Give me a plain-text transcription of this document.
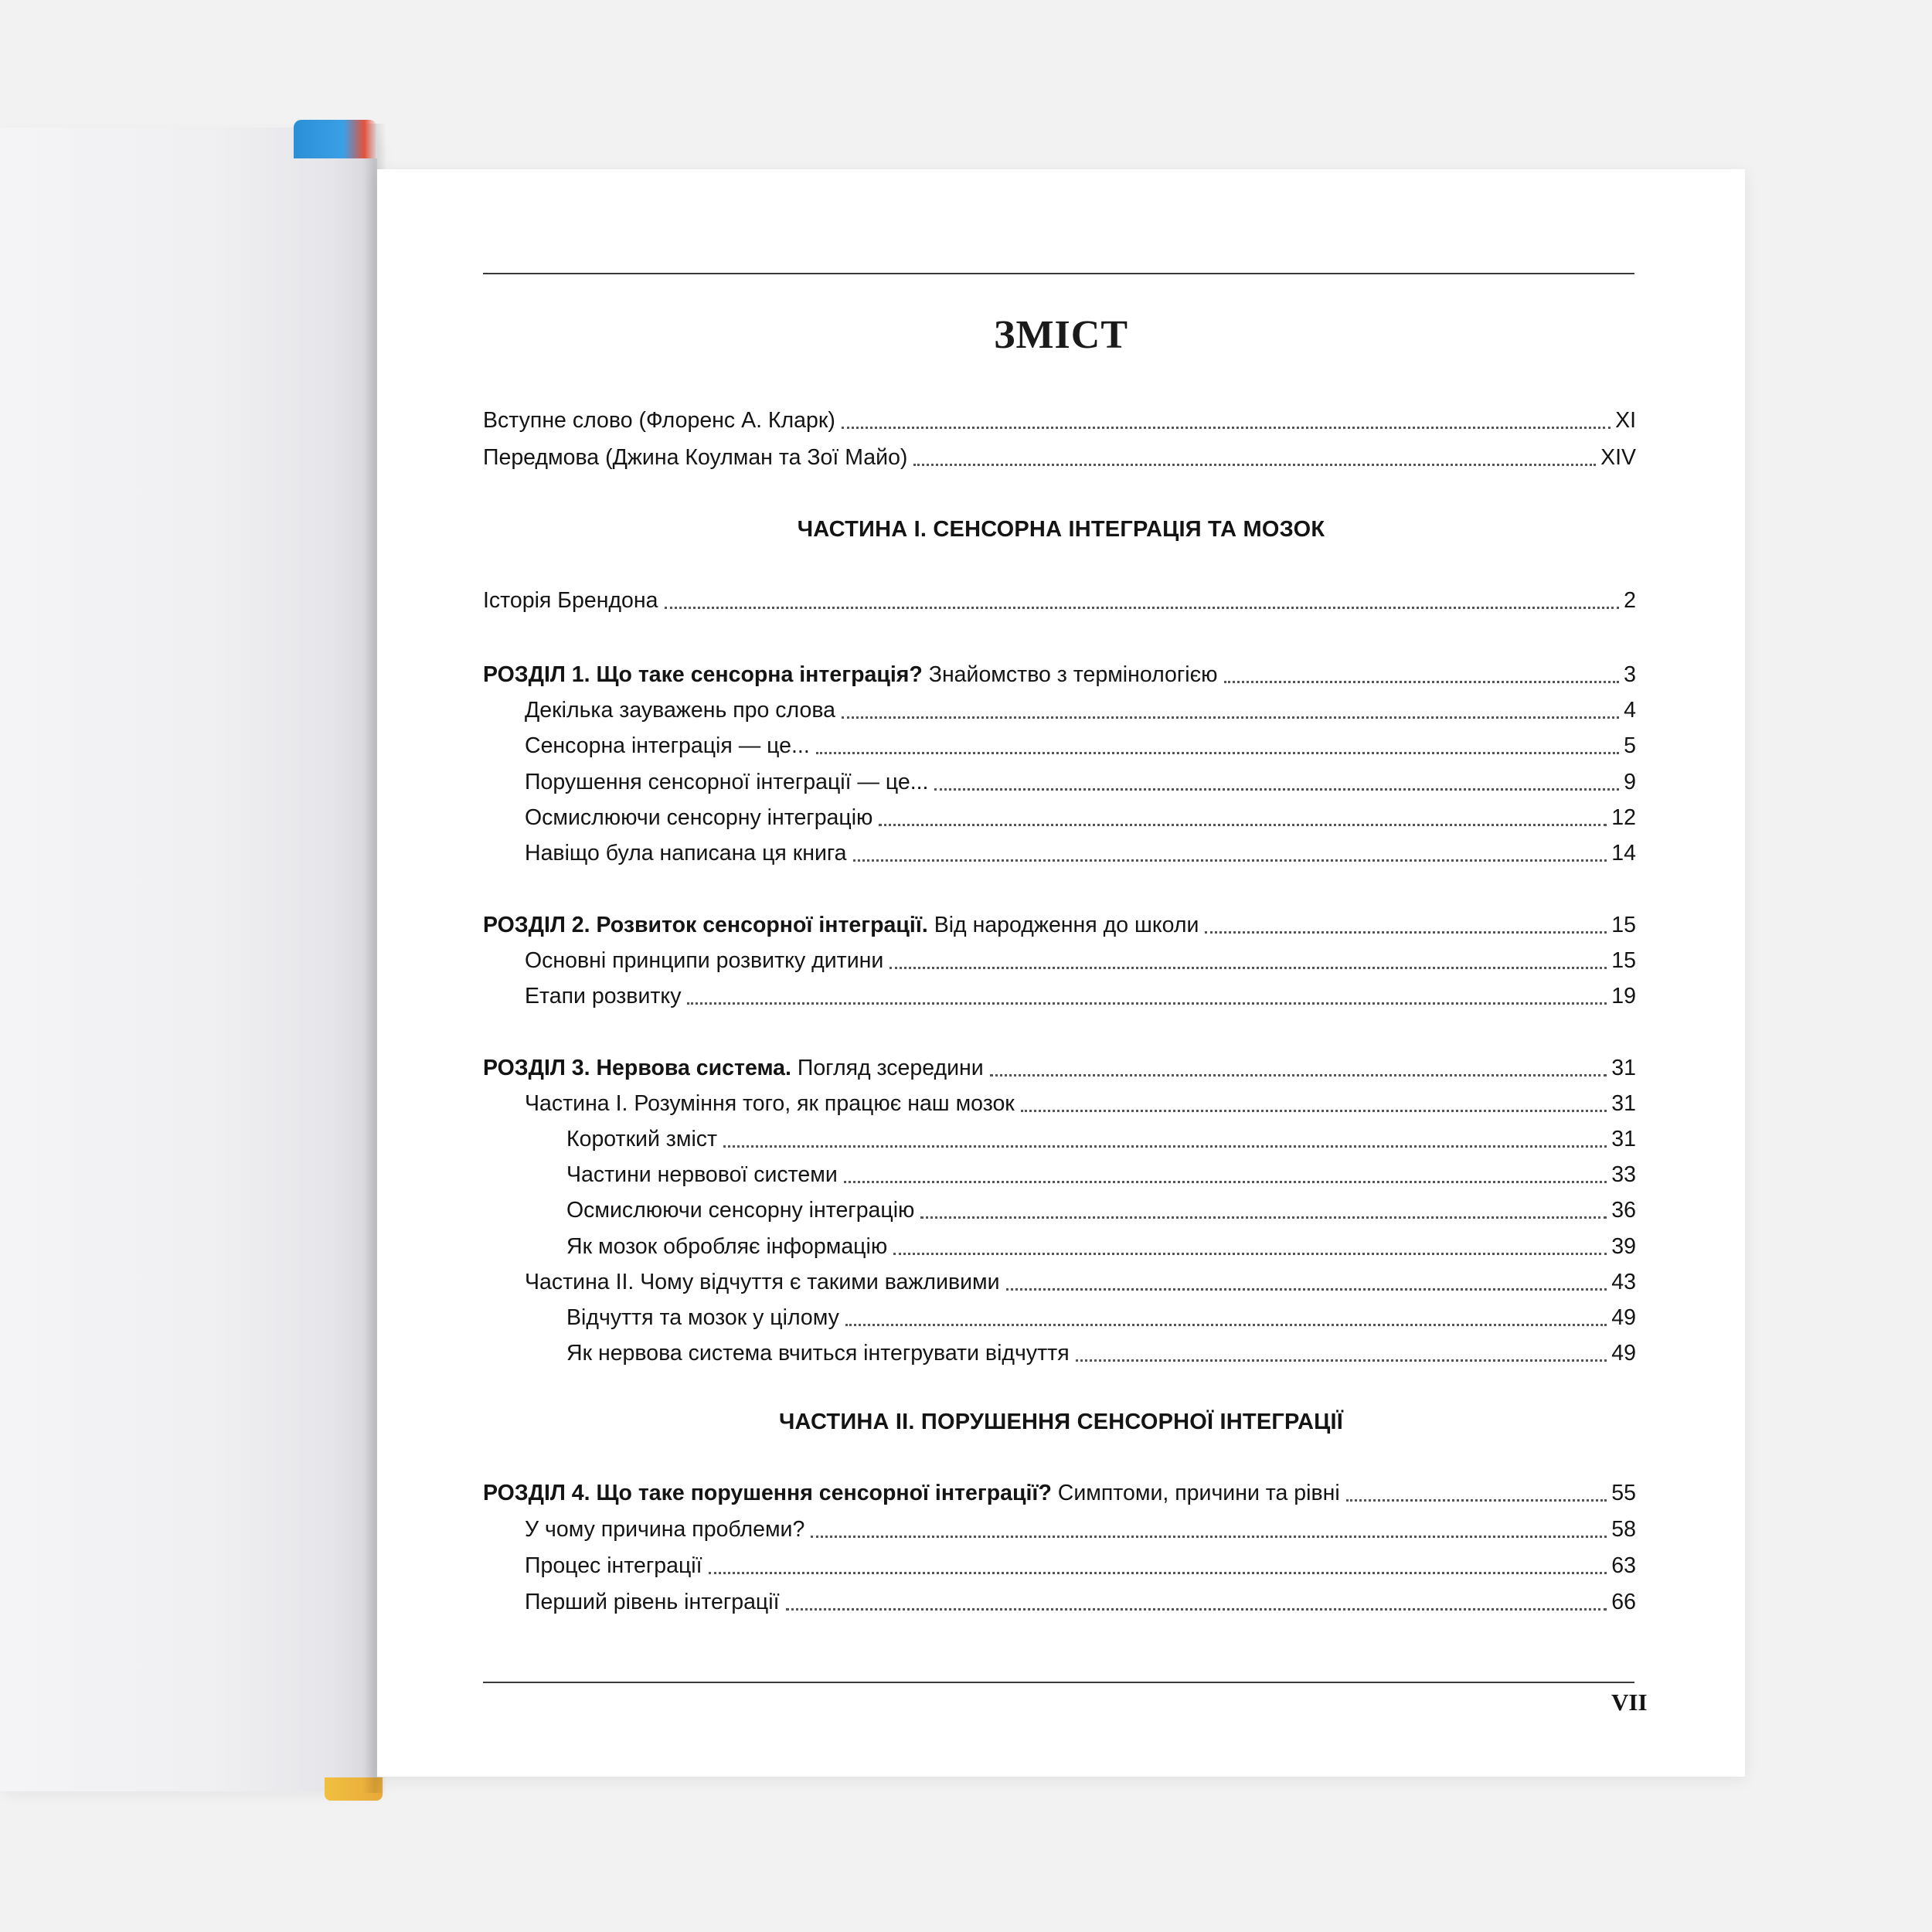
ЗМІСТ
Вступне слово (Флоренс А. Кларк)	XI
Передмова (Джина Коулман та Зої Майо)	XIV
ЧАСТИНА І. СЕНСОРНА ІНТЕГРАЦІЯ ТА МОЗОК
Історія Брендона	2
РОЗДІЛ 1. Що таке сенсорна інтеграція? Знайомство з термінологією	3
Декілька зауважень про слова	4
Сенсорна інтеграція — це...	5
Порушення сенсорної інтеграції — це...	9
Осмислюючи сенсорну інтеграцію	12
Навіщо була написана ця книга	14
РОЗДІЛ 2. Розвиток сенсорної інтеграції. Від народження до школи	15
Основні принципи розвитку дитини	15
Етапи розвитку	19
РОЗДІЛ 3. Нервова система. Погляд зсередини	31
Частина І. Розуміння того, як працює наш мозок	31
Короткий зміст	31
Частини нервової системи	33
Осмислюючи сенсорну інтеграцію	36
Як мозок обробляє інформацію	39
Частина ІІ. Чому відчуття є такими важливими	43
Відчуття та мозок у цілому	49
Як нервова система вчиться інтегрувати відчуття	49
ЧАСТИНА ІІ. ПОРУШЕННЯ СЕНСОРНОЇ ІНТЕГРАЦІЇ
РОЗДІЛ 4. Що таке порушення сенсорної інтеграції? Симптоми, причини та рівні	55
У чому причина проблеми?	58
Процес інтеграції	63
Перший рівень інтеграції	66
VII
